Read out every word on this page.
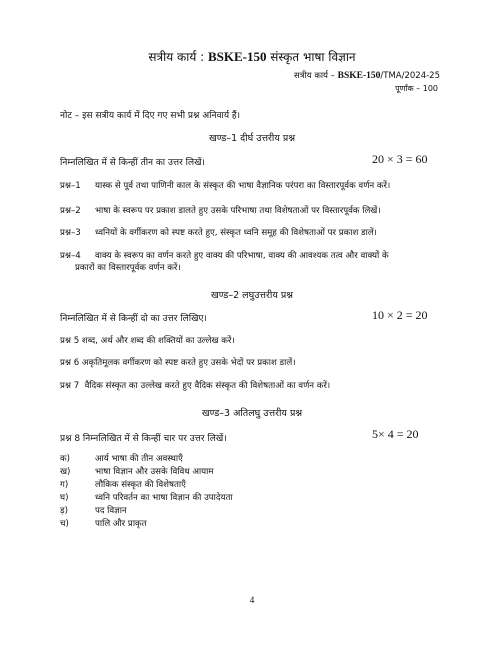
सत्रीय कार्य : BSKE-150 संस्कृत भाषा विज्ञान
सत्रीय कार्य – BSKE-150/TMA/2024-25
पूर्णांक – 100
नोट – इस सत्रीय कार्य में दिए गए सभी प्रश्न अनिवार्य हैं।
खण्ड–1 दीर्घ उत्तरीय प्रश्न
निम्नलिखित में से किन्हीं तीन का उत्तर लिखें।	20 × 3 = 60
प्रश्न–1 यास्क से पूर्व तथा पाणिनी काल के संस्कृत की भाषा वैज्ञानिक परंपरा का विस्तारपूर्वक वर्णन करें।
प्रश्न–2 भाषा के स्वरूप पर प्रकाश डालते हुए उसके परिभाषा तथा विशेषताओं पर विस्तारपूर्वक लिखें।
प्रश्न–3 ध्वनियों के वर्गीकरण को स्पष्ट करते हुए, संस्कृत ध्वनि समूह की विशेषताओं पर प्रकाश डालें।
प्रश्न–4 वाक्य के स्वरूप का वर्णन करते हुए वाक्य की परिभाषा, वाक्य की आवश्यक तत्व और वाक्यों के
प्रकारों का विस्तारपूर्वक वर्णन करें।
खण्ड–2 लघुउत्तरीय प्रश्न
निम्नलिखित में से किन्हीं दो का उत्तर लिखिए।	10 × 2 = 20
प्रश्न 5 शब्द, अर्थ और शब्द की शक्तियों का उल्लेख करें।
प्रश्न 6 अकृतिमूलक वर्गीकरण को स्पष्ट करते हुए उसके भेदों पर प्रकाश डालें।
प्रश्न 7 वैदिक संस्कृत का उल्लेख करते हुए वैदिक संस्कृत की विशेषताओं का वर्णन करें।
खण्ड–3 अतिलघु उत्तरीय प्रश्न
प्रश्न 8 निम्नलिखित में से किन्हीं चार पर उत्तर लिखें।	5× 4 = 20
क)	आर्य भाषा की तीन अवस्थाएँ
ख)	भाषा विज्ञान और उसके विविध आयाम
ग)	लौकिक संस्कृत की विशेषताएँ
घ)	ध्वनि परिवर्तन का भाषा विज्ञान की उपादेयता
ड़)	पद विज्ञान
च)	पालि और प्राकृत
4
